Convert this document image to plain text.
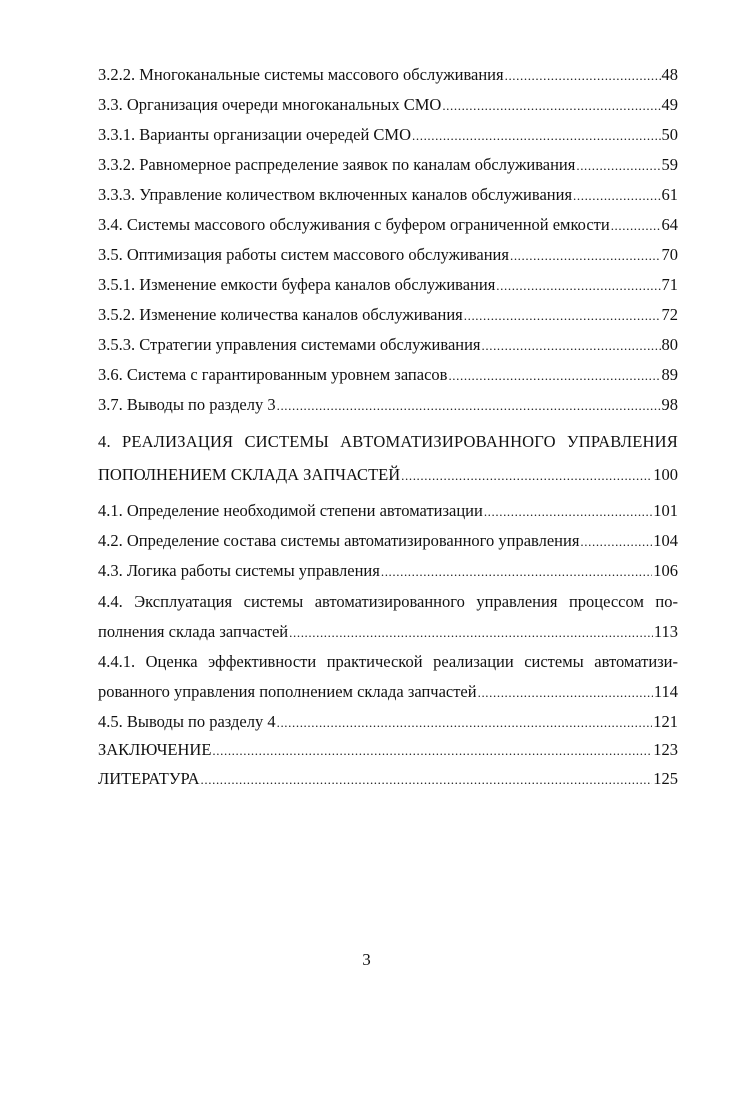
3.2.2. Многоканальные системы массового обслуживания .....	48
3.3. Организация очереди многоканальных СМО .....	49
3.3.1. Варианты организации очередей СМО .....	50
3.3.2. Равномерное распределение заявок по каналам обслуживания .....	59
3.3.3. Управление количеством включенных каналов обслуживания .....	61
3.4. Системы массового обслуживания с буфером ограниченной емкости .....	64
3.5. Оптимизация работы систем массового обслуживания .....	70
3.5.1. Изменение емкости буфера каналов обслуживания .....	71
3.5.2. Изменение количества каналов обслуживания .....	72
3.5.3. Стратегии управления системами обслуживания .....	80
3.6. Система с гарантированным уровнем запасов .....	89
3.7. Выводы по разделу 3 .....	98
4. РЕАЛИЗАЦИЯ СИСТЕМЫ АВТОМАТИЗИРОВАННОГО УПРАВЛЕНИЯ
ПОПОЛНЕНИЕМ СКЛАДА ЗАПЧАСТЕЙ .....	100
4.1. Определение необходимой степени автоматизации .....	101
4.2. Определение состава системы автоматизированного управления .....	104
4.3. Логика работы системы управления .....	106
4.4. Эксплуатация системы автоматизированного управления процессом по-
полнения склада запчастей .....	113
4.4.1. Оценка эффективности практической реализации системы автоматизи-
рованного управления пополнением склада запчастей .....	114
4.5. Выводы по разделу 4 .....	121
ЗАКЛЮЧЕНИЕ .....	123
ЛИТЕРАТУРА .....	125
3
